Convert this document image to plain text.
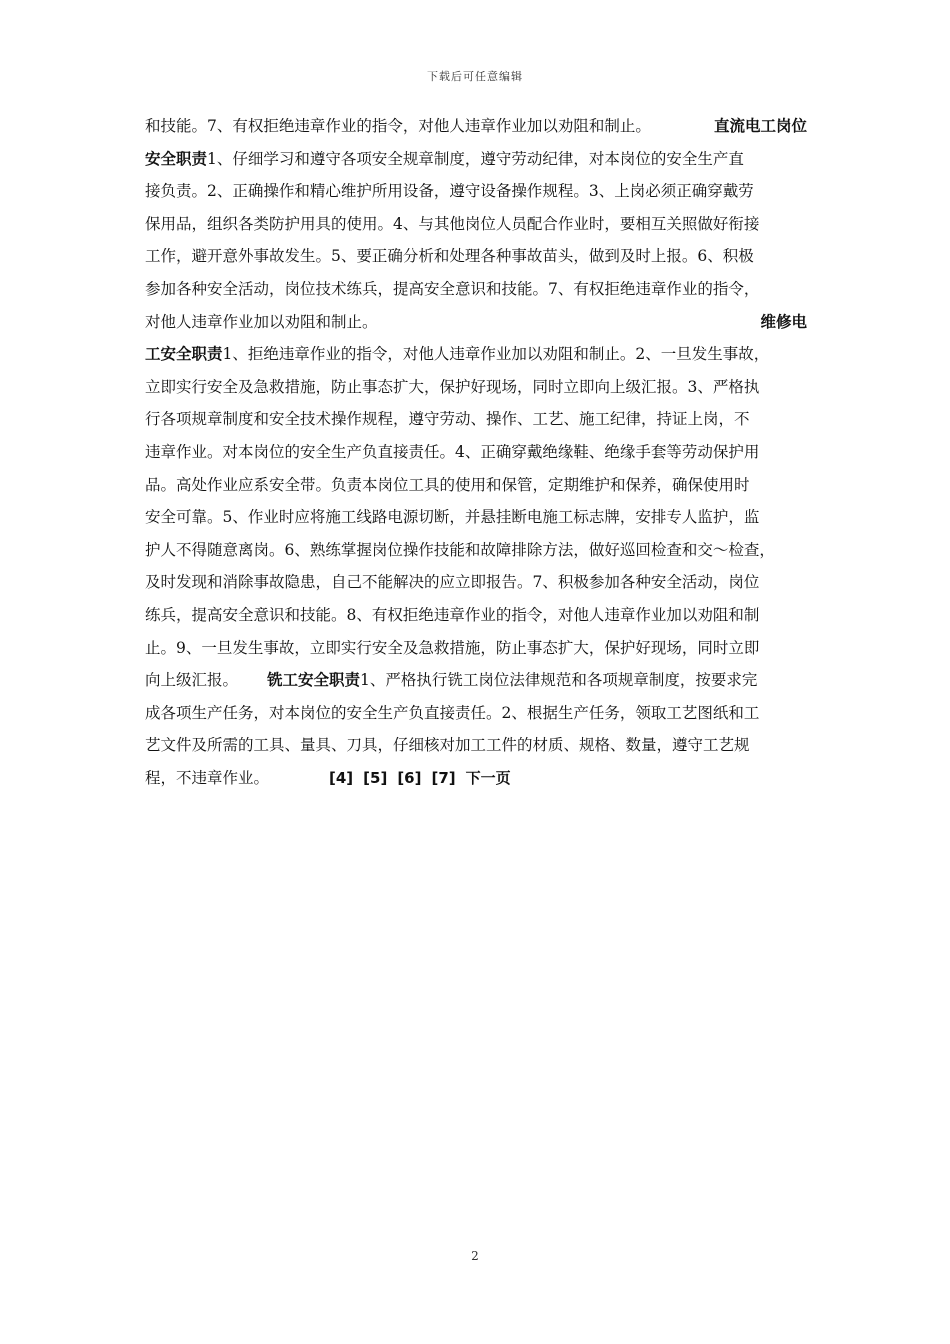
下载后可任意编辑
和技能。7、有权拒绝违章作业的指令，对他人违章作业加以劝阻和制止。	直流电工岗位
安全职责1、仔细学习和遵守各项安全规章制度，遵守劳动纪律，对本岗位的安全生产直
接负责。2、正确操作和精心维护所用设备，遵守设备操作规程。3、上岗必须正确穿戴劳
保用品，组织各类防护用具的使用。4、与其他岗位人员配合作业时，要相互关照做好衔接
工作，避开意外事故发生。5、要正确分析和处理各种事故苗头，做到及时上报。6、积极
参加各种安全活动，岗位技术练兵，提高安全意识和技能。7、有权拒绝违章作业的指令，
对他人违章作业加以劝阻和制止。	维修电
工安全职责1、拒绝违章作业的指令，对他人违章作业加以劝阻和制止。2、一旦发生事故，
立即实行安全及急救措施，防止事态扩大，保护好现场，同时立即向上级汇报。3、严格执
行各项规章制度和安全技术操作规程，遵守劳动、操作、工艺、施工纪律，持证上岗，不
违章作业。对本岗位的安全生产负直接责任。4、正确穿戴绝缘鞋、绝缘手套等劳动保护用
品。高处作业应系安全带。负责本岗位工具的使用和保管，定期维护和保养，确保使用时
安全可靠。5、作业时应将施工线路电源切断，并悬挂断电施工标志牌，安排专人监护，监
护人不得随意离岗。6、熟练掌握岗位操作技能和故障排除方法，做好巡回检查和交～检查，
及时发现和消除事故隐患，自己不能解决的应立即报告。7、积极参加各种安全活动，岗位
练兵，提高安全意识和技能。8、有权拒绝违章作业的指令，对他人违章作业加以劝阻和制
止。9、一旦发生事故，立即实行安全及急救措施，防止事态扩大，保护好现场，同时立即
向上级汇报。 铣工安全职责1、严格执行铣工岗位法律规范和各项规章制度，按要求完
成各项生产任务，对本岗位的安全生产负直接责任。2、根据生产任务，领取工艺图纸和工
艺文件及所需的工具、量具、刀具，仔细核对加工工件的材质、规格、数量，遵守工艺规
程，不违章作业。	[4] [5] [6] [7] 下一页
2
